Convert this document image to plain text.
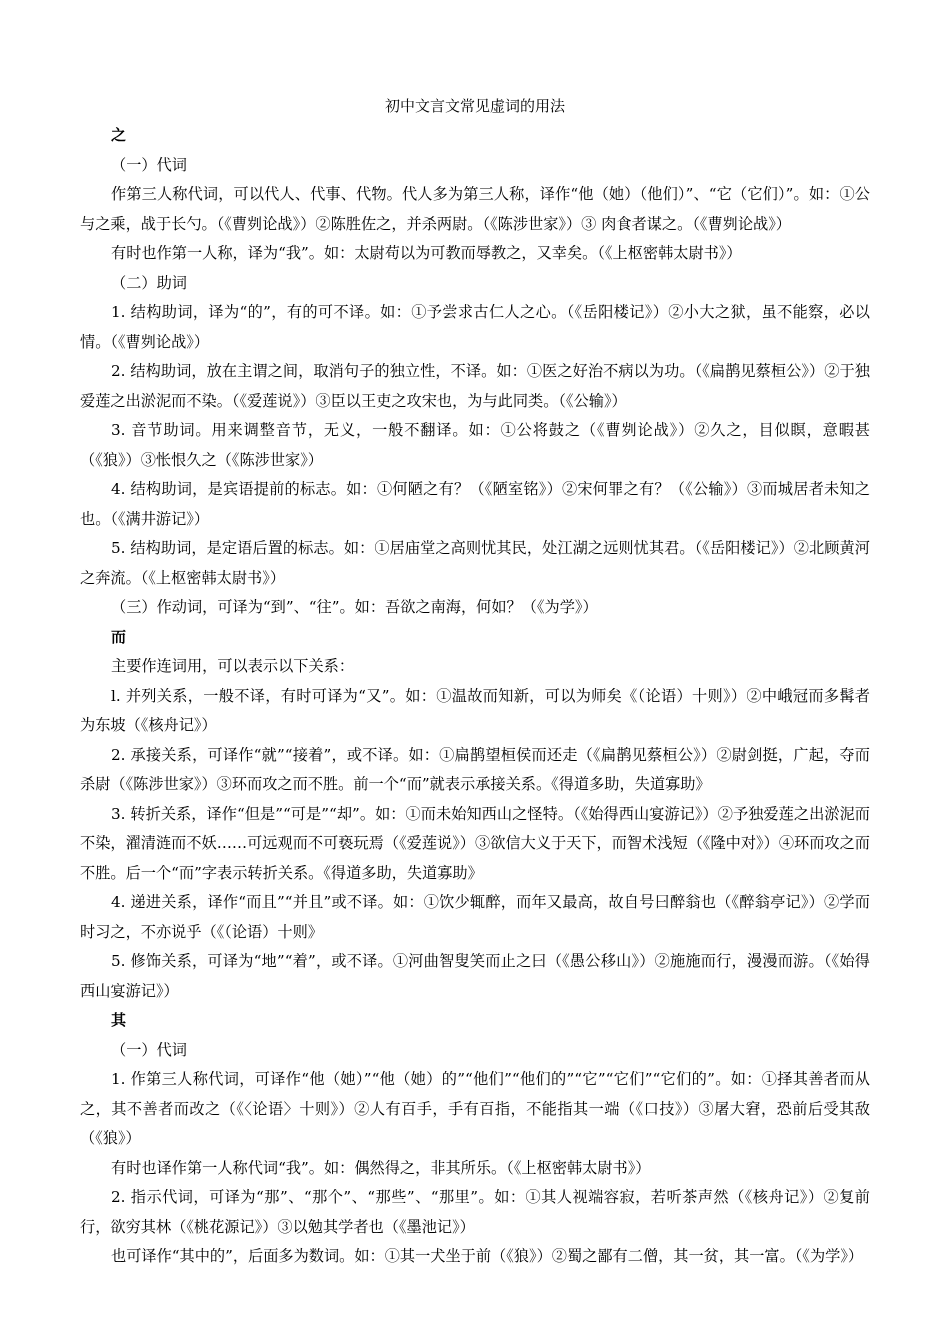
初中文言文常见虚词的用法
之
（一）代词
作第三人称代词，可以代人、代事、代物。代人多为第三人称，译作“他（她）（他们）”、“它（它们）”。如：①公与之乘，战于长勺。（《曹刿论战》）②陈胜佐之，并杀两尉。（《陈涉世家》）③ 肉食者谋之。（《曹刿论战》）
有时也作第一人称，译为“我”。如：太尉苟以为可教而辱教之，又幸矣。（《上枢密韩太尉书》）
（二）助词
1. 结构助词，译为“的”，有的可不译。如：①予尝求古仁人之心。（《岳阳楼记》）②小大之狱，虽不能察，必以情。（《曹刿论战》）
2. 结构助词，放在主谓之间，取消句子的独立性，不译。如：①医之好治不病以为功。（《扁鹊见蔡桓公》）②于独爱莲之出淤泥而不染。（《爱莲说》）③臣以王吏之攻宋也，为与此同类。（《公输》）
3. 音节助词。用来调整音节，无义，一般不翻译。如：①公将鼓之（《曹刿论战》）②久之，目似瞑，意暇甚（《狼》）③怅恨久之（《陈涉世家》）
4. 结构助词，是宾语提前的标志。如：①何陋之有？（《陋室铭》）②宋何罪之有？（《公输》）③而城居者未知之也。（《满井游记》）
5. 结构助词，是定语后置的标志。如：①居庙堂之高则忧其民，处江湖之远则忧其君。（《岳阳楼记》）②北顾黄河之奔流。（《上枢密韩太尉书》）
（三）作动词，可译为“到”、“往”。如：吾欲之南海，何如？（《为学》）
而
主要作连词用，可以表示以下关系：
l. 并列关系，一般不译，有时可译为“又”。如：①温故而知新，可以为师矣《（论语）十则》）②中峨冠而多髯者为东坡（《核舟记》）
2. 承接关系，可译作“就”“接着”，或不译。如：①扁鹊望桓侯而还走（《扁鹊见蔡桓公》）②尉剑挺，广起，夺而杀尉（《陈涉世家》）③环而攻之而不胜。前一个“而”就表示承接关系。《得道多助，失道寡助》
3. 转折关系，译作“但是”“可是”“却”。如：①而未始知西山之怪特。（《始得西山宴游记》）②予独爱莲之出淤泥而不染，濯清涟而不妖……可远观而不可亵玩焉（《爱莲说》）③欲信大义于天下，而智术浅短（《隆中对》）④环而攻之而不胜。后一个“而”字表示转折关系。《得道多助，失道寡助》
4. 递进关系，译作“而且”“并且”或不译。如：①饮少辄醉，而年又最高，故自号曰醉翁也（《醉翁亭记》）②学而时习之，不亦说乎（《（论语）十则》
5. 修饰关系，可译为“地”“着”，或不译。①河曲智叟笑而止之曰（《愚公移山》）②施施而行，漫漫而游。（《始得西山宴游记》）
其
（一）代词
1. 作第三人称代词，可译作“他（她）”“他（她）的”“他们”“他们的”“它”“它们”“它们的”。如：①择其善者而从之，其不善者而改之（《〈论语〉十则》）②人有百手，手有百指，不能指其一端（《口技》）③屠大窘，恐前后受其敌（《狼》）
有时也译作第一人称代词“我”。如：偶然得之，非其所乐。（《上枢密韩太尉书》）
2. 指示代词，可译为“那”、“那个”、“那些”、“那里”。如：①其人视端容寂，若听茶声然（《核舟记》）②复前行，欲穷其林（《桃花源记》）③以勉其学者也（《墨池记》）
也可译作“其中的”，后面多为数词。如：①其一犬坐于前（《狼》）②蜀之鄙有二僧，其一贫，其一富。（《为学》）
